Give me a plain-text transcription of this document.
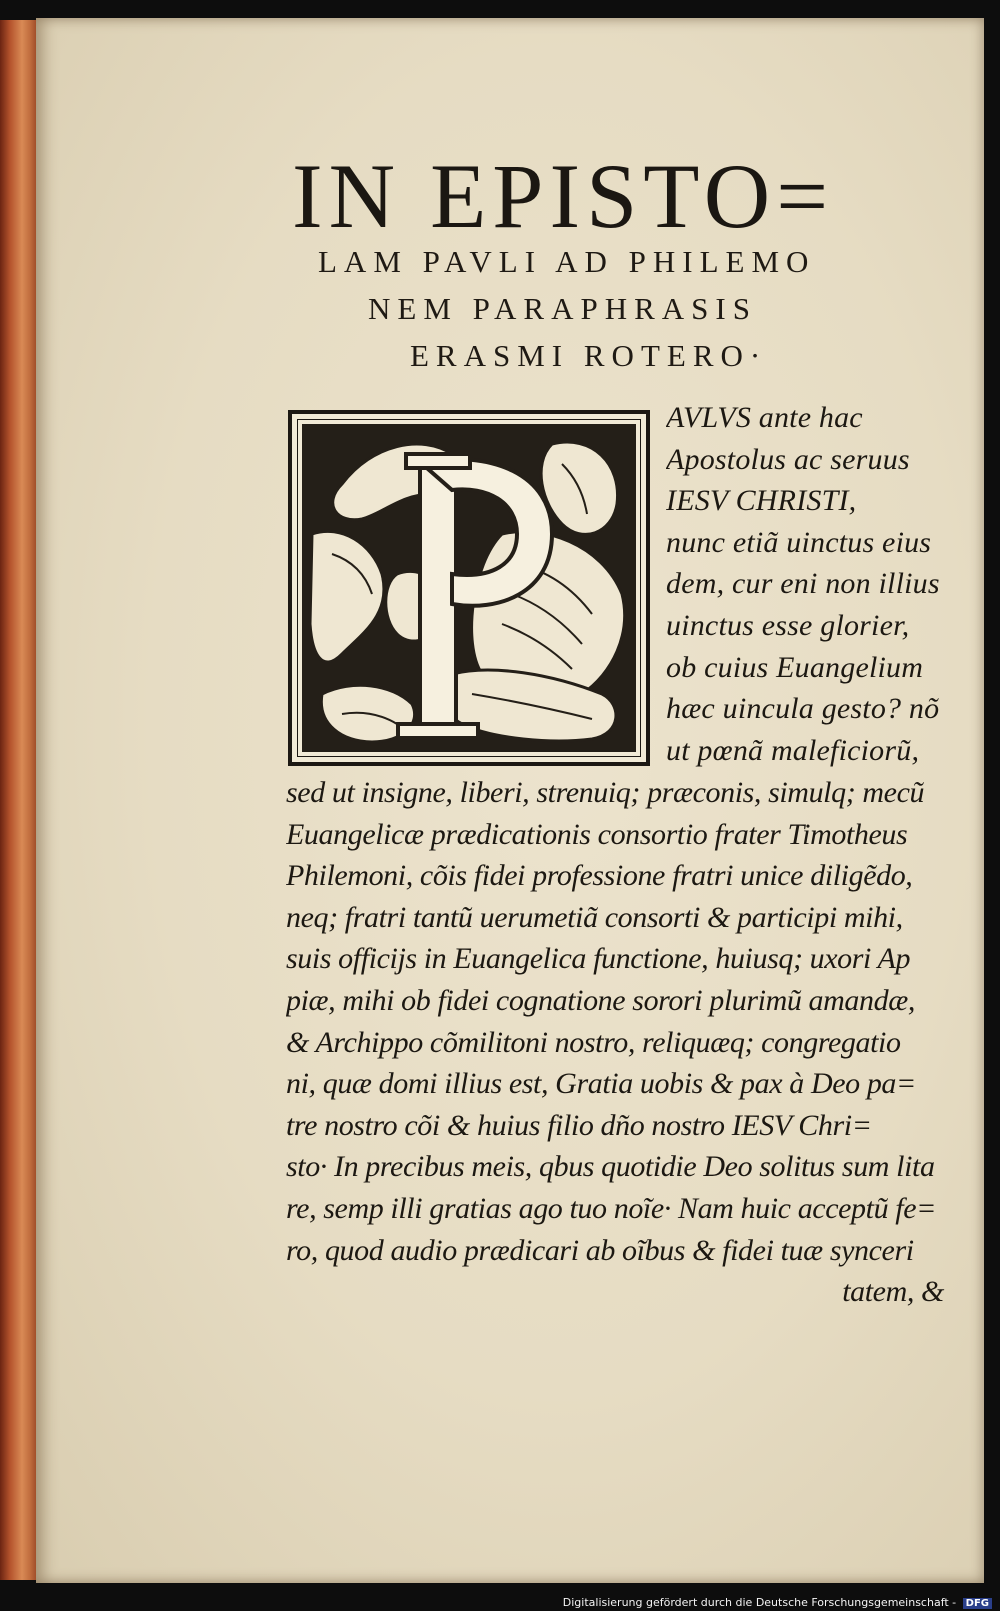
IN EPISTO=
LAM PAVLI AD PHILEMO
NEM PARAPHRASIS
ERASMI ROTERO·
AVLVS ante hac
Apostolus ac seruus
IESV CHRISTI,
nunc etiã uinctus eius
dem, cur eni non illius
uinctus esse glorier,
ob cuius Euangelium
hæc uincula gesto? nõ
ut pœnã maleficiorũ,
sed ut insigne, liberi, strenuiq; præconis, simulq; mecũ
Euangelicæ prædicationis consortio frater Timotheus
Philemoni, cõis fidei professione fratri unice diligẽdo,
neq; fratri tantũ uerumetiã consorti & participi mihi,
suis officijs in Euangelica functione, huiusq; uxori Ap
piæ, mihi ob fidei cognatione sorori plurimũ amandæ,
& Archippo cõmilitoni nostro, reliquæq; congregatio
ni, quæ domi illius est, Gratia uobis & pax à Deo pa=
tre nostro cõi & huius filio dño nostro IESV Chri=
sto· In precibus meis, qbus quotidie Deo solitus sum lita
re, semp illi gratias ago tuo noĩe· Nam huic acceptũ fe=
ro, quod audio prædicari ab oĩbus & fidei tuæ synceri
tatem, &
Digitalisierung gefördert durch die Deutsche Forschungsgemeinschaft - DFG
